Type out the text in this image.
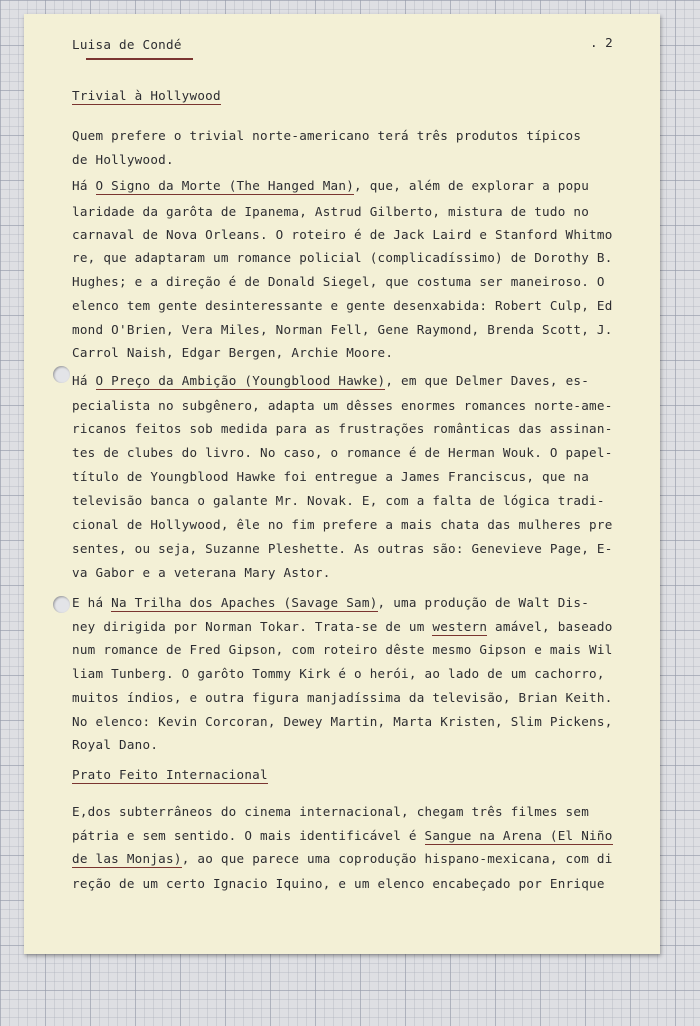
Luisa de Condé	. 2
Trivial à Hollywood
Quem prefere o trivial norte-americano terá três produtos típicos
de Hollywood.
Há O Signo da Morte (The Hanged Man), que, além de explorar a popu
laridade da garôta de Ipanema, Astrud Gilberto, mistura de tudo no
carnaval de Nova Orleans. O roteiro é de Jack Laird e Stanford Whitmo
re, que adaptaram um romance policial (complicadíssimo) de Dorothy B.
Hughes; e a direção é de Donald Siegel, que costuma ser maneiroso. O
elenco tem gente desinteressante e gente desenxabida: Robert Culp, Ed
mond O'Brien, Vera Miles, Norman Fell, Gene Raymond, Brenda Scott, J.
Carrol Naish, Edgar Bergen, Archie Moore.
Há O Preço da Ambição (Youngblood Hawke), em que Delmer Daves, es-
pecialista no subgênero, adapta um dêsses enormes romances norte-ame-
ricanos feitos sob medida para as frustrações românticas das assinan-
tes de clubes do livro. No caso, o romance é de Herman Wouk. O papel-
título de Youngblood Hawke foi entregue a James Franciscus, que na
televisão banca o galante Mr. Novak. E, com a falta de lógica tradi-
cional de Hollywood, êle no fim prefere a mais chata das mulheres pre
sentes, ou seja, Suzanne Pleshette. As outras são: Genevieve Page, E-
va Gabor e a veterana Mary Astor.
E há Na Trilha dos Apaches (Savage Sam), uma produção de Walt Dis-
ney dirigida por Norman Tokar. Trata-se de um western amável, baseado
num romance de Fred Gipson, com roteiro dêste mesmo Gipson e mais Wil
liam Tunberg. O garôto Tommy Kirk é o herói, ao lado de um cachorro,
muitos índios, e outra figura manjadíssima da televisão, Brian Keith.
No elenco: Kevin Corcoran, Dewey Martin, Marta Kristen, Slim Pickens,
Royal Dano.
Prato Feito Internacional
E,dos subterrâneos do cinema internacional, chegam três filmes sem
pátria e sem sentido. O mais identificável é Sangue na Arena (El Niño
de las Monjas), ao que parece uma coprodução hispano-mexicana, com di
reção de um certo Ignacio Iquino, e um elenco encabeçado por Enrique
